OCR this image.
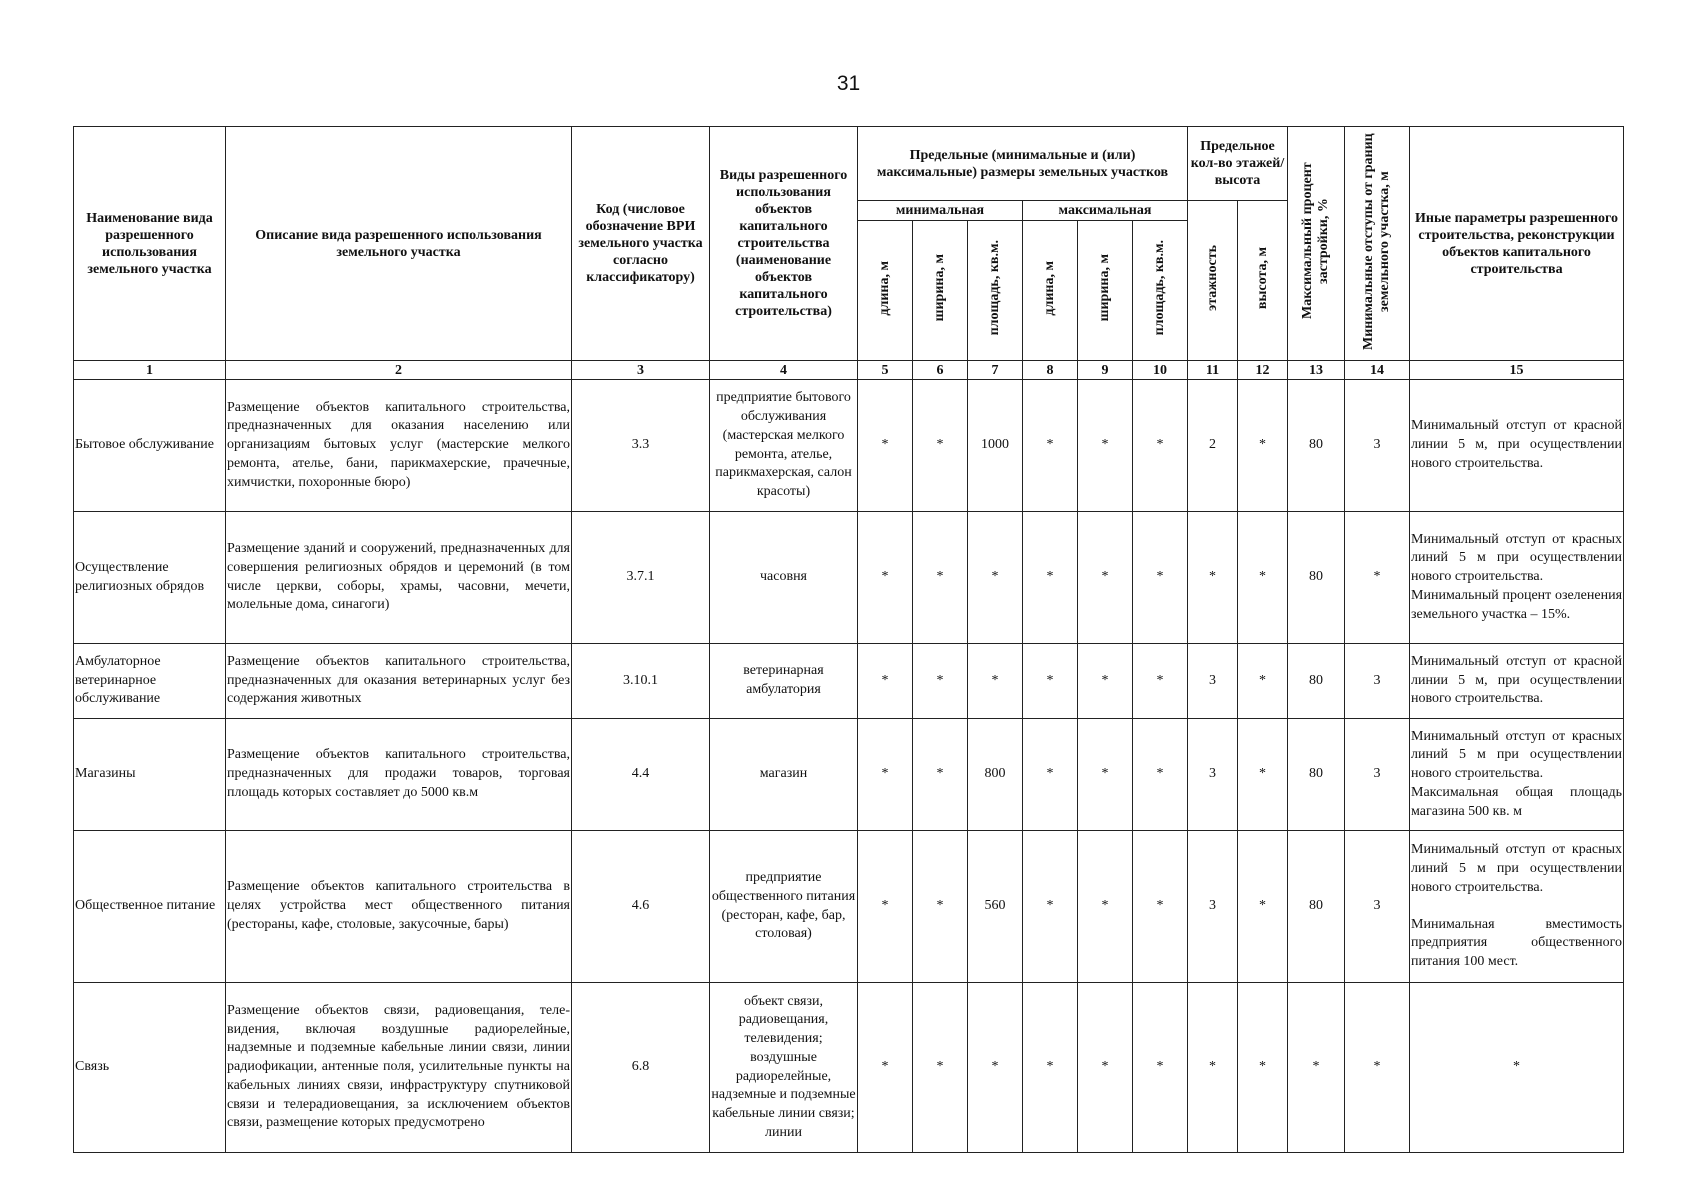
31
Наименование вида разрешенного использования земельного участка	Описание вида разрешенного использования земельного участка	Код (числовое обозначение ВРИ земельного участка согласно классификатору)	Виды разрешенного использования объектов капитального строительства (наименование объектов капитального строительства)	Предельные (минимальные и (или) максимальные) размеры земельных участков						Предельное кол-во этажей/ высота		Максимальный процент застройки, %	Минимальные отступы от границ земельного участка, м	Иные параметры разрешенного строительства, реконструкции объектов капитального строительства
				минимальная			максимальная			этажность	высота, м			
				длина, м	ширина, м	площадь, кв.м.	длина, м	ширина, м	площадь, кв.м.					
1	2	3	4	5	6	7	8	9	10	11	12	13	14	15
Бытовое обслуживание	Размещение объектов капитального строительства, предназначенных для оказания населению или организациям бытовых услуг (мастерские мелкого ремонта, ателье, бани, парикмахерские, прачечные, химчистки, похоронные бюро)	3.3	предприятие бытового обслуживания (мастерская мелкого ремонта, ателье, парикмахерская, салон красоты)	*	*	1000	*	*	*	2	*	80	3	Минимальный отступ от красной линии 5 м, при осуществлении нового строительства.

Осуществление религиозных обрядов	Размещение зданий и сооружений, предназначенных для совершения религиозных обрядов и церемоний (в том числе церкви, соборы, храмы, часовни, мечети, молельные дома, синагоги)	3.7.1	часовня	*	*	*	*	*	*	*	*	80	*	Минимальный отступ от красных линий 5 м при осуществлении нового строительства.

Минимальный процент озеленения земельного участка – 15%.

Амбулаторное ветеринарное обслуживание	Размещение объектов капитального строительства, предназначенных для оказания ветеринарных услуг без содержания животных	3.10.1	ветеринарная амбулатория	*	*	*	*	*	*	3	*	80	3	Минимальный отступ от красной линии 5 м, при осуществлении нового строительства.

Магазины	Размещение объектов капитального строительства, предназначенных для продажи товаров, торговая площадь которых составляет до 5000 кв.м	4.4	магазин	*	*	800	*	*	*	3	*	80	3	Минимальный отступ от красных линий 5 м при осуществлении нового строительства.

Максимальная общая площадь магазина 500 кв. м

Общественное питание	Размещение объектов капитального строительства в целях устройства мест общественного питания (рестораны, кафе, столовые, закусочные, бары)	4.6	предприятие общественного питания (ресторан, кафе, бар, столовая)	*	*	560	*	*	*	3	*	80	3	Минимальный отступ от красных линий 5 м при осуществлении нового строительства.

Минимальная вместимость предприятия общественного питания 100 мест.

Связь	Размещение объектов связи, радиовещания, теле-видения, включая воздушные радиорелейные, надземные и подземные кабельные линии связи, линии радиофикации, антенные поля, усилительные пункты на кабельных линиях связи, инфраструктуру спутниковой связи и телерадиовещания, за исключением объектов связи, размещение которых предусмотрено	6.8	объект связи, радиовещания, телевидения; воздушные радиорелейные, надземные и подземные кабельные линии связи; линии	*	*	*	*	*	*	*	*	*	*	*
